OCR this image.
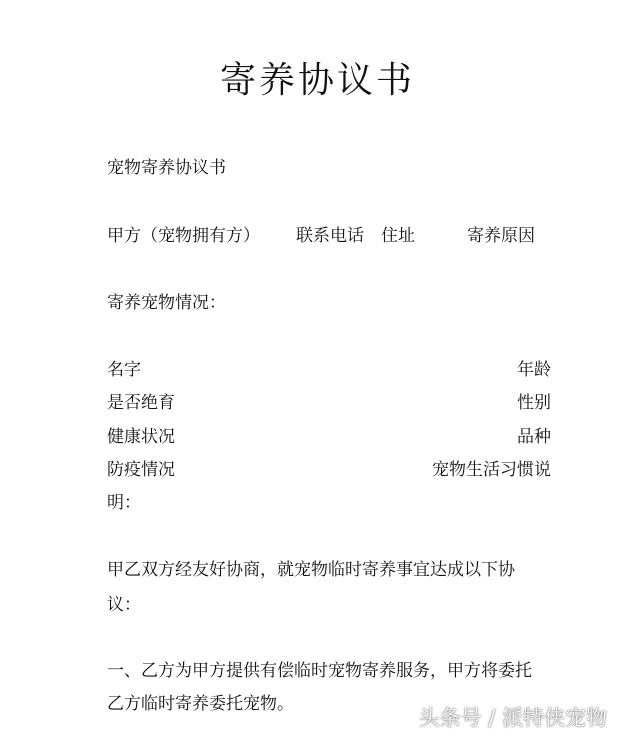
寄养协议书
宠物寄养协议书
甲方（宠物拥有方） 联系电话 住址	寄养原因
寄养宠物情况：
名字	年龄
是否绝育	性别
健康状况	品种
防疫情况	宠物生活习惯说
明：
甲乙双方经友好协商，就宠物临时寄养事宜达成以下协
议：
一、乙方为甲方提供有偿临时宠物寄养服务，甲方将委托
乙方临时寄养委托宠物。
头条号 / 派特侠宠物
